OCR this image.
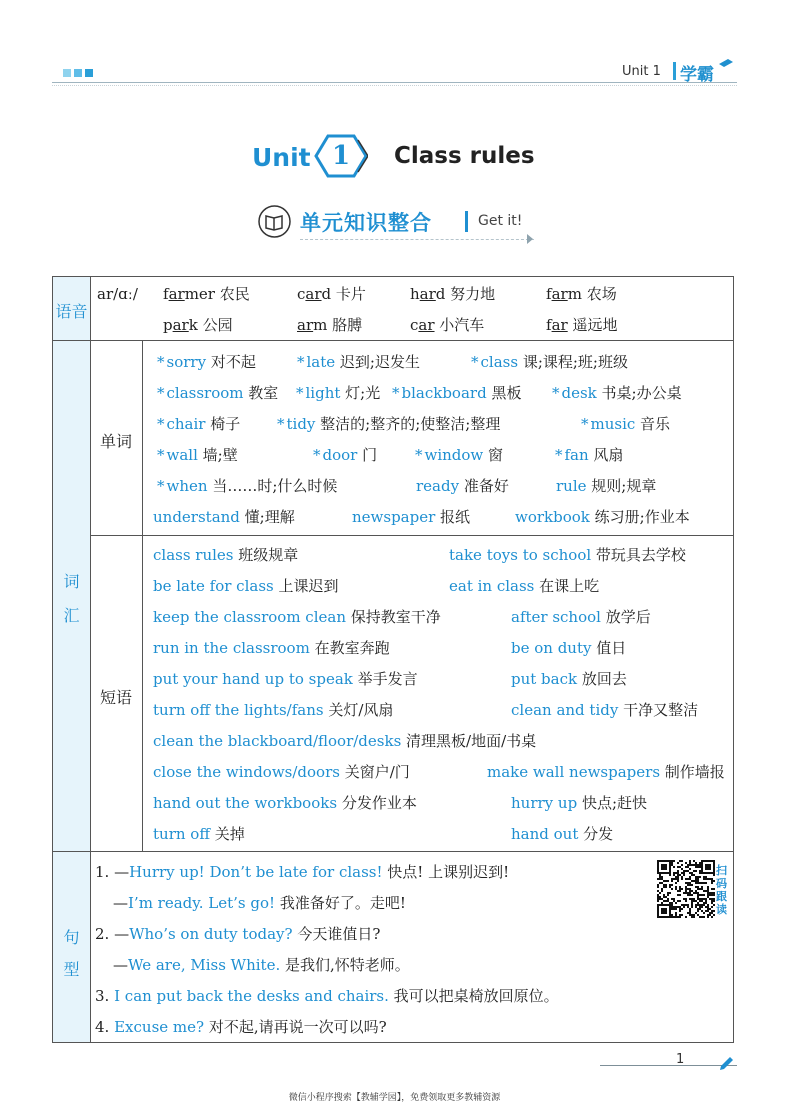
Unit 1 学霸
Unit 1	Class rules
单元知识整合	Get it!
语音
词
汇
单词
短语
句
型
ar/ɑː/ farmer 农民	card 卡片	hard 努力地	farm 农场
park 公园	arm 胳膊	car 小汽车	far 遥远地
* sorry 对不起	* late 迟到;迟发生	* class 课;课程;班;班级
* classroom 教室 * light 灯;光 * blackboard 黑板 * desk 书桌;办公桌
* chair 椅子 * tidy 整洁的;整齐的;使整洁;整理	* music 音乐
* wall 墙;壁	* door 门	* window 窗	* fan 风扇
* when 当……时;什么时候	ready 准备好	rule 规则;规章
understand 懂;理解	newspaper 报纸	workbook 练习册;作业本
class rules 班级规章	take toys to school 带玩具去学校
be late for class 上课迟到	eat in class 在课上吃
keep the classroom clean 保持教室干净	after school 放学后
run in the classroom 在教室奔跑	be on duty 值日
put your hand up to speak 举手发言	put back 放回去
turn off the lights/fans 关灯/风扇	clean and tidy 干净又整洁
clean the blackboard/floor/desks 清理黑板/地面/书桌
close the windows/doors 关窗户/门	make wall newspapers 制作墙报
hand out the workbooks 分发作业本	hurry up 快点;赶快
turn off 关掉	hand out 分发
1. —Hurry up! Don’t be late for class! 快点! 上课别迟到!
—I’m ready. Let’s go! 我准备好了。走吧!
2. —Who’s on duty today? 今天谁值日?
—We are, Miss White. 是我们,怀特老师。
3. I can put back the desks and chairs. 我可以把桌椅放回原位。
4. Excuse me? 对不起,请再说一次可以吗?
扫码跟读
1
微信小程序搜索【教辅学园】，免费领取更多教辅资源
